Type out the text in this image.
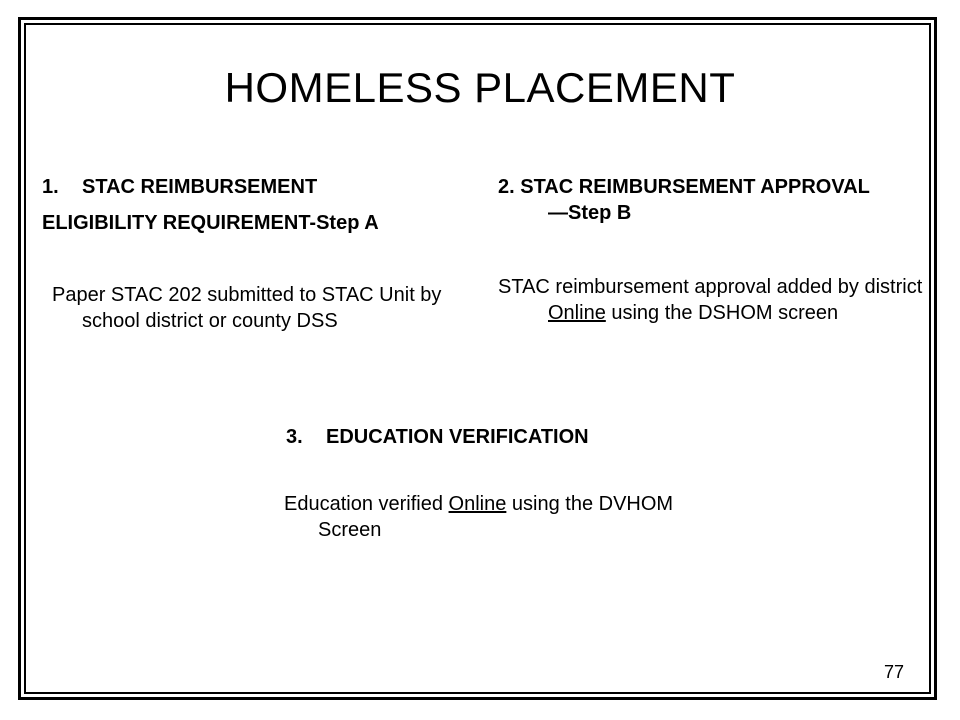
HOMELESS PLACEMENT
1. STAC REIMBURSEMENT
ELIGIBILITY REQUIREMENT-Step A
Paper STAC 202 submitted to STAC Unit by school district or county DSS
2. STAC REIMBURSEMENT APPROVAL—Step B
STAC reimbursement approval added by district Online using the DSHOM screen
3. EDUCATION VERIFICATION
Education verified Online using the DVHOM Screen
77
